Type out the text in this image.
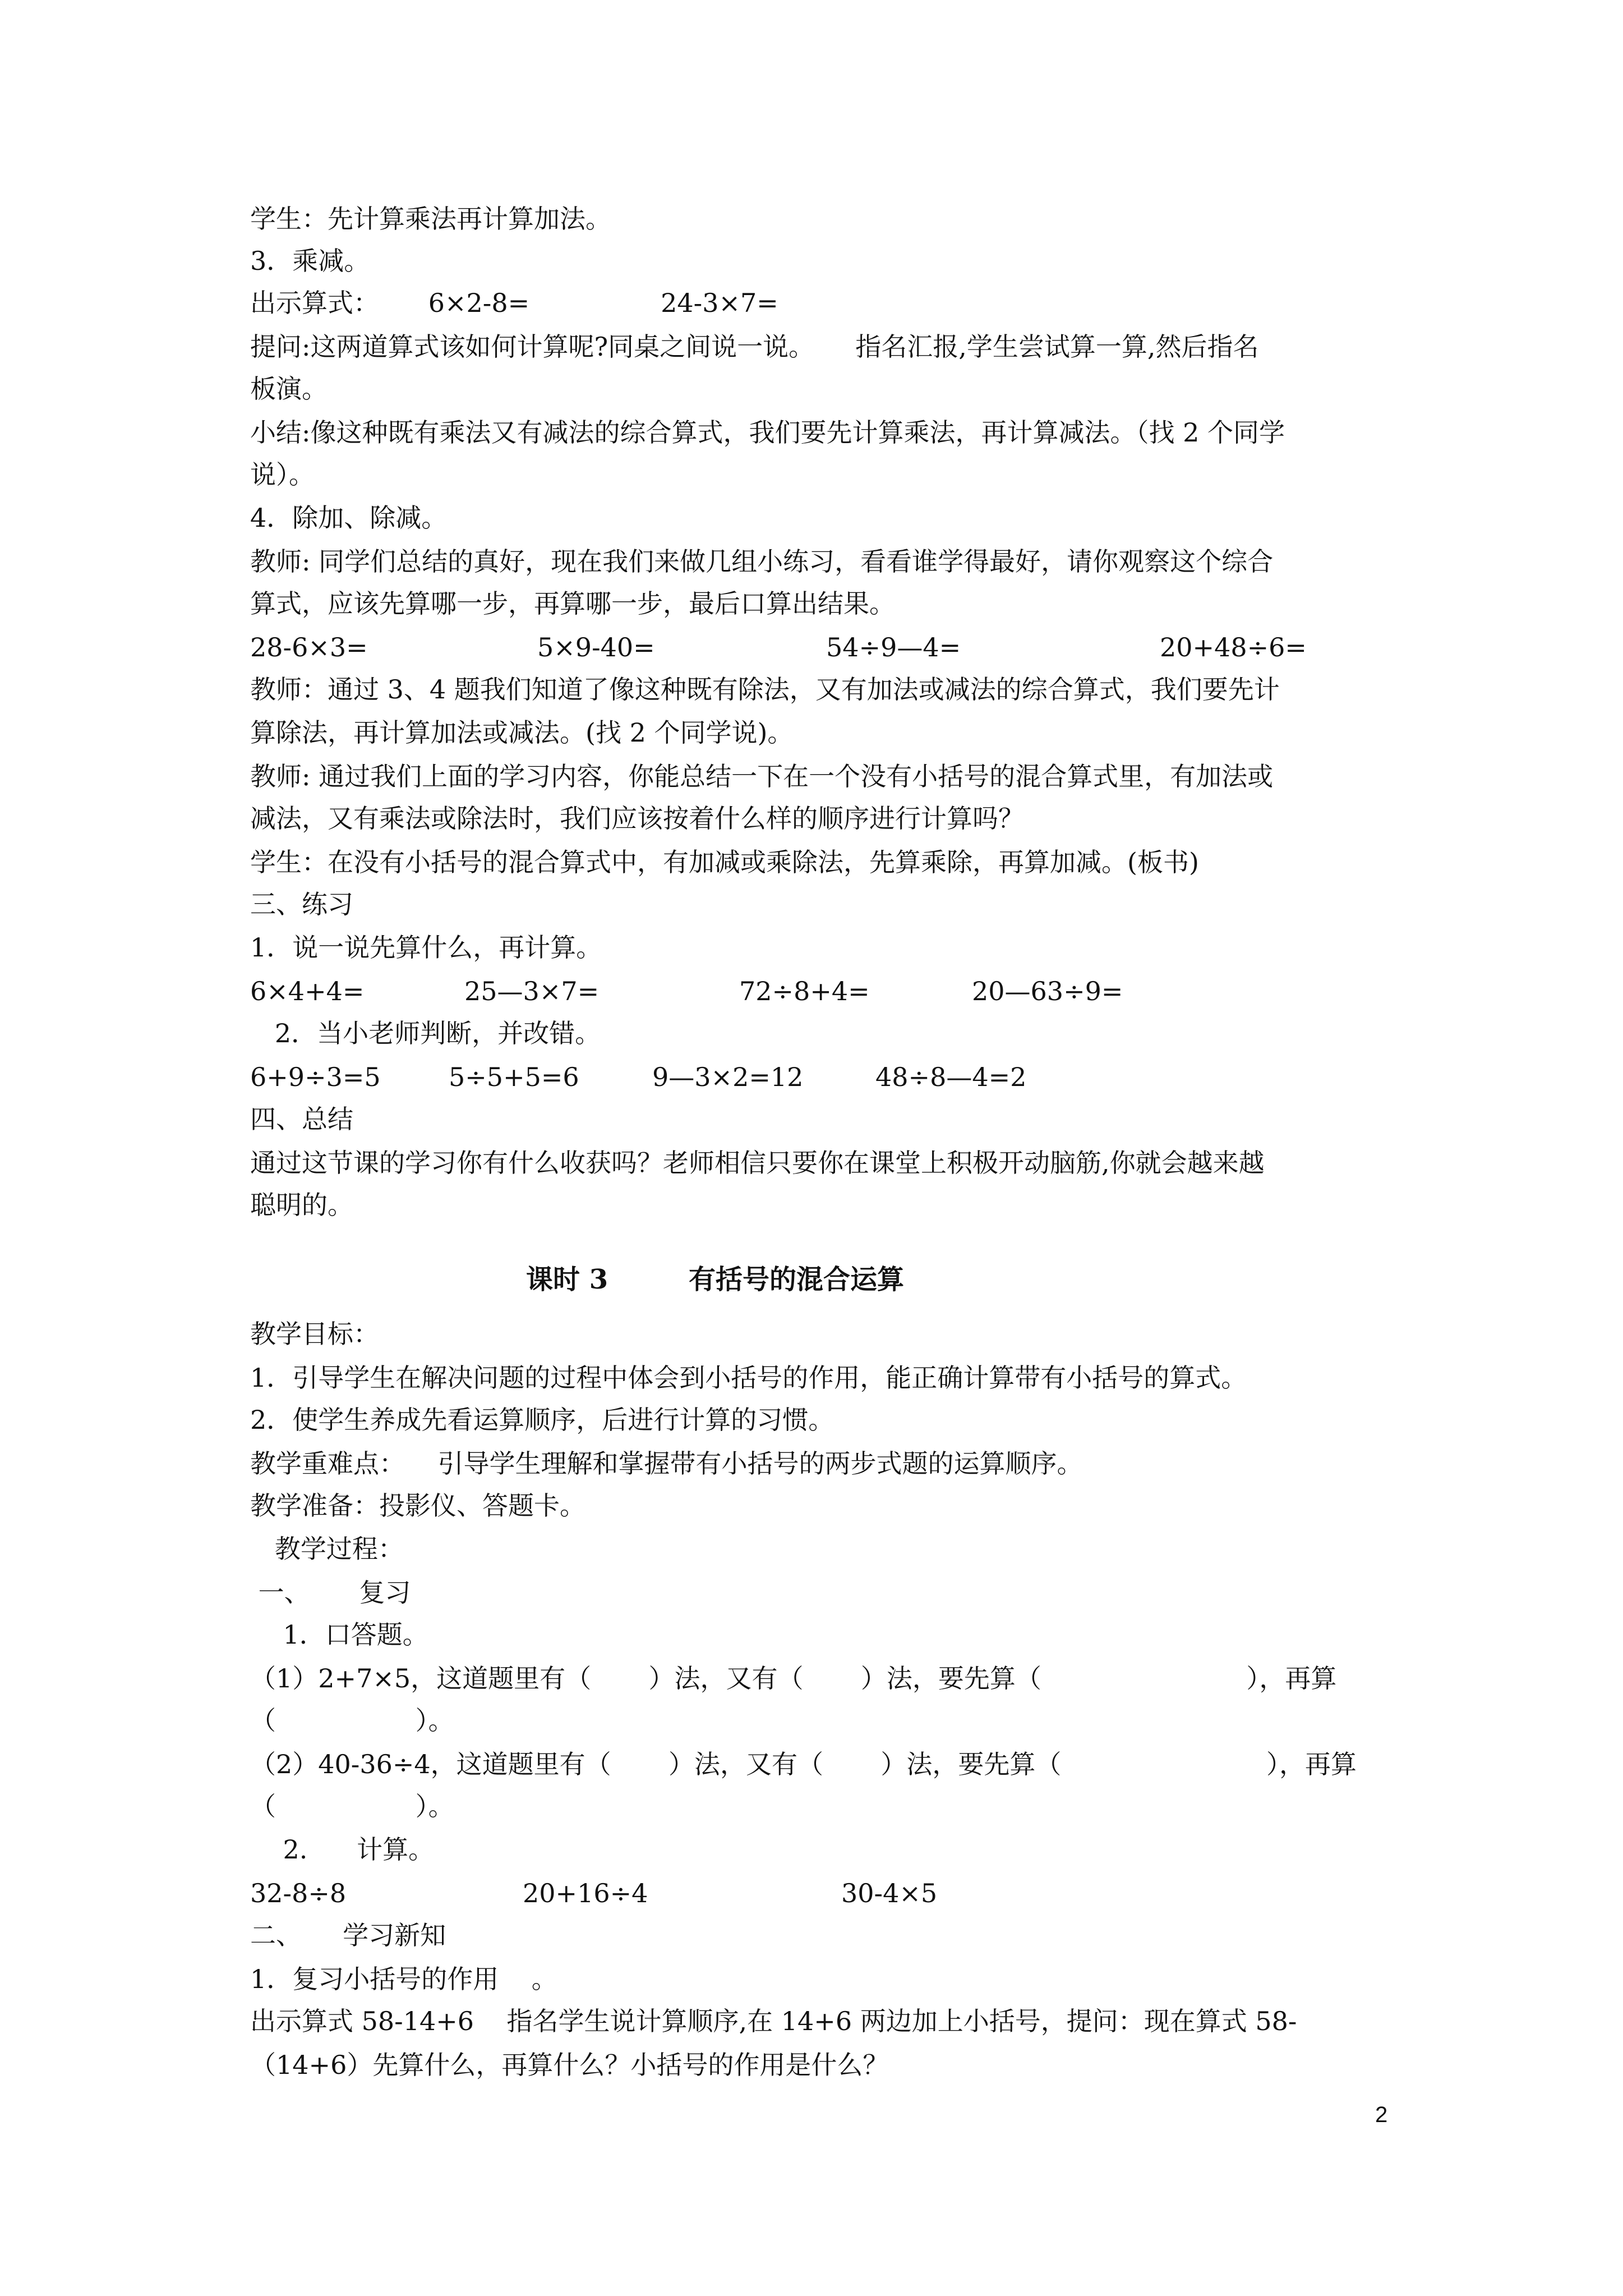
学生：先计算乘法再计算加法。
3．乘减。
出示算式：      6×2-8=                24-3×7=
提问:这两道算式该如何计算呢?同桌之间说一说。     指名汇报,学生尝试算一算,然后指名
板演。
小结:像这种既有乘法又有减法的综合算式，我们要先计算乘法，再计算减法。（找 2 个同学
说）。
4．除加、除减。
教师: 同学们总结的真好，现在我们来做几组小练习，看看谁学得最好，请你观察这个综合
算式，应该先算哪一步，再算哪一步，最后口算出结果。
28-6×3=	5×9-40=	54÷9—4=	20+48÷6=
教师：通过 3、4 题我们知道了像这种既有除法，又有加法或减法的综合算式，我们要先计
算除法，再计算加法或减法。(找 2 个同学说)。
教师: 通过我们上面的学习内容，你能总结一下在一个没有小括号的混合算式里，有加法或
减法，又有乘法或除法时，我们应该按着什么样的顺序进行计算吗？
学生：在没有小括号的混合算式中，有加减或乘除法，先算乘除，再算加减。(板书)
三、练习
1．说一说先算什么，再计算。
6×4+4=	25—3×7=	72÷8+4=	20—63÷9=
2．当小老师判断，并改错。
6+9÷3=5	5÷5+5=6	9—3×2=12	48÷8—4=2
四、总结
通过这节课的学习你有什么收获吗？老师相信只要你在课堂上积极开动脑筋,你就会越来越
聪明的。
课时 3	有括号的混合运算
教学目标：
1．引导学生在解决问题的过程中体会到小括号的作用，能正确计算带有小括号的算式。
2．使学生养成先看运算顺序，后进行计算的习惯。
教学重难点：    引导学生理解和掌握带有小括号的两步式题的运算顺序。
教学准备：投影仪、答题卡。
教学过程：
一、      复习
1．口答题。
（1）2+7×5，这道题里有（       ）法，又有（       ）法，要先算（                         ），再算
（                 ）。
（2）40-36÷4，这道题里有（       ）法，又有（       ）法，要先算（                         ），再算
（                 ）。
2.      计算。
32-8÷8	20+16÷4	30-4×5
二、     学习新知
1．复习小括号的作用    。
出示算式 58-14+6    指名学生说计算顺序,在 14+6 两边加上小括号，提问：现在算式 58-
（14+6）先算什么，再算什么？小括号的作用是什么？
2
